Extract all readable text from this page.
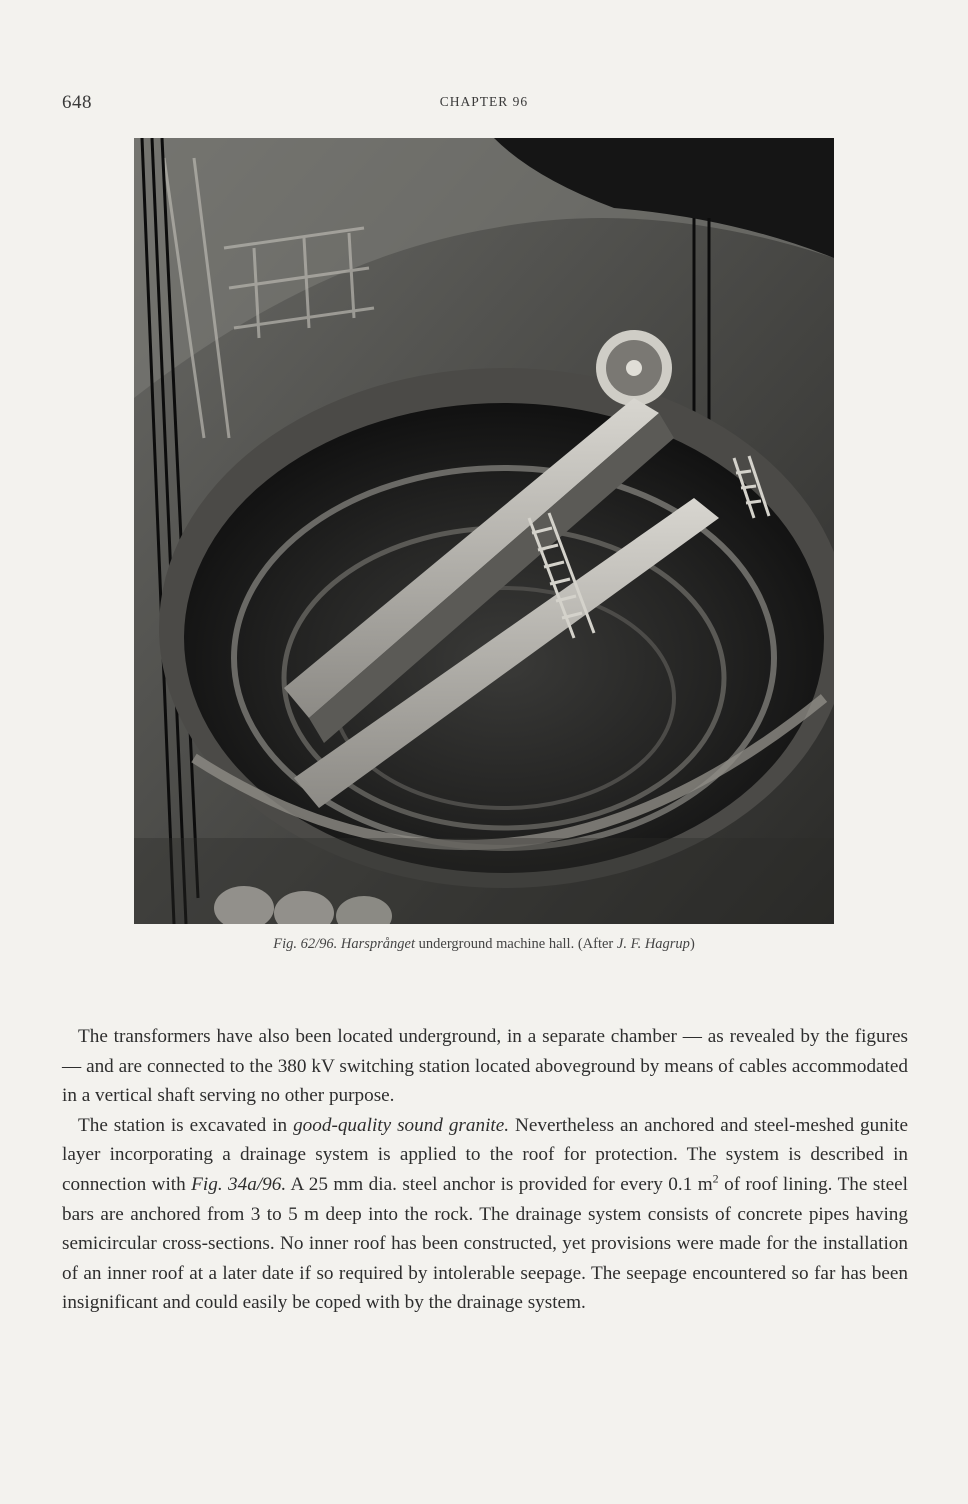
648	CHAPTER 96
Fig. 62/96. Harsprånget underground machine hall. (After J. F. Hagrup)

The transformers have also been located underground, in a separate chamber — as revealed by the figures — and are connected to the 380 kV switching station located aboveground by means of cables accommodated in a vertical shaft serving no other purpose.

The station is excavated in good-quality sound granite. Nevertheless an anchored and steel-meshed gunite layer incorporating a drainage system is applied to the roof for protection. The system is described in connection with Fig. 34a/96. A 25 mm dia. steel anchor is provided for every 0.1 $m^2$ of roof lining. The steel bars are anchored from 3 to 5 m deep into the rock. The drainage system consists of concrete pipes having semicircular cross-sections. No inner roof has been constructed, yet provisions were made for the installation of an inner roof at a later date if so required by intolerable seepage. The seepage encountered so far has been insignificant and could easily be coped with by the drainage system.
